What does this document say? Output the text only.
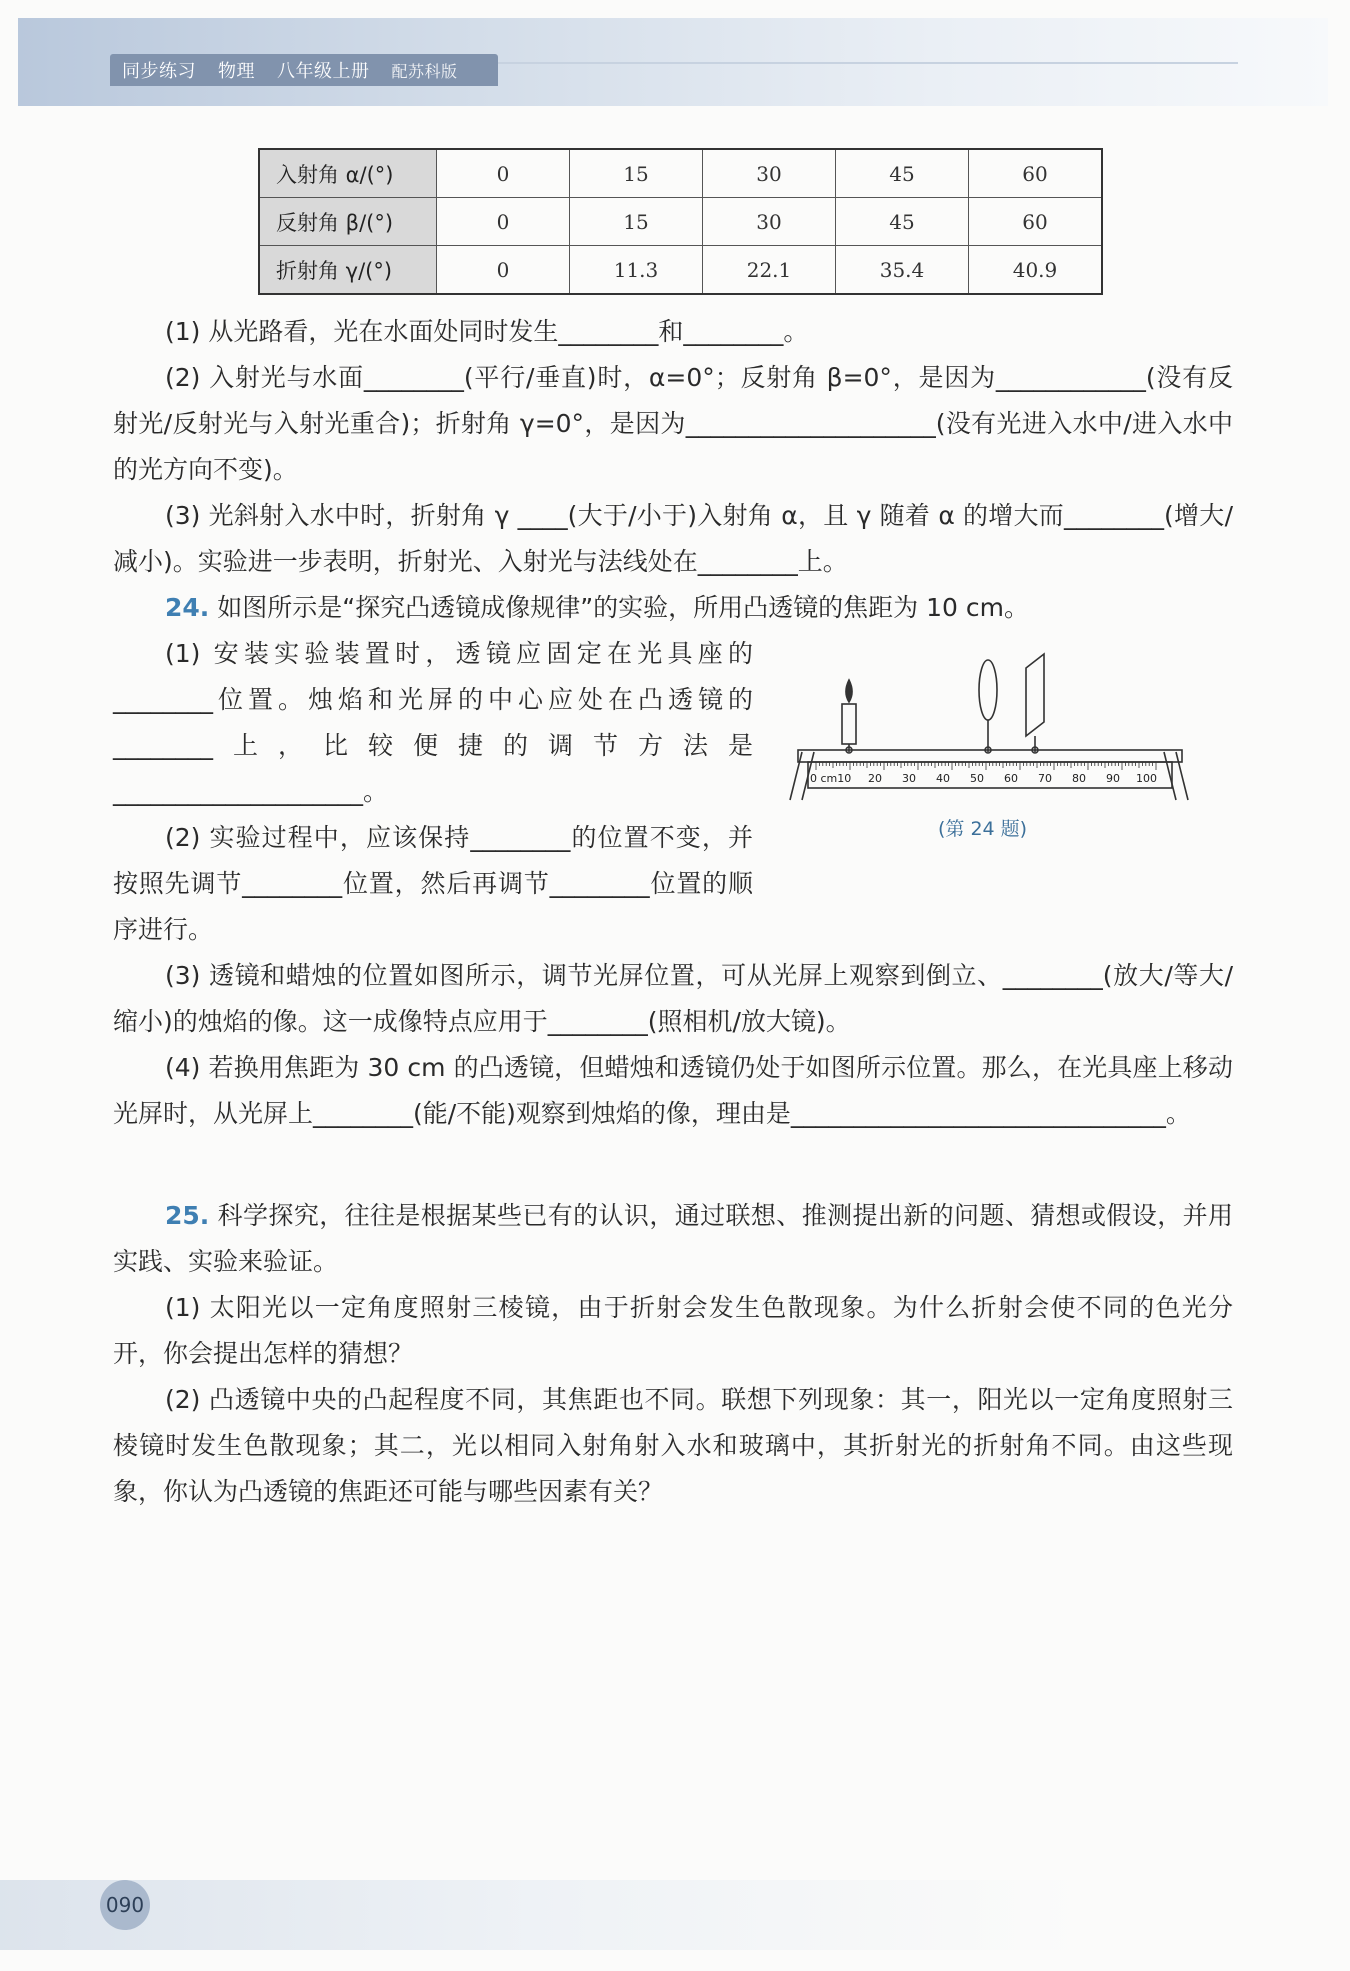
同步练习 物理 八年级上册 配苏科版
入射角 α/(°)	0	15	30	45	60
反射角 β/(°)	0	15	30	45	60
折射角 γ/(°)	0	11.3	22.1	35.4	40.9

(1) 从光路看，光在水面处同时发生________和________。

(2) 入射光与水面________(平行/垂直)时，α=0°；反射角 β=0°，是因为____________(没有反射光/反射光与入射光重合)；折射角 γ=0°，是因为____________________(没有光进入水中/进入水中的光方向不变)。

(3) 光斜射入水中时，折射角 γ ____(大于/小于)入射角 α，且 γ 随着 α 的增大而________(增大/减小)。实验进一步表明，折射光、入射光与法线处在________上。

24. 如图所示是“探究凸透镜成像规律”的实验，所用凸透镜的焦距为 10 cm。

(1) 安装实验装置时，透镜应固定在光具座的________位置。烛焰和光屏的中心应处在凸透镜的________上，比较便捷的调节方法是____________________。

(2) 实验过程中，应该保持________的位置不变，并按照先调节________位置，然后再调节________位置的顺序进行。

0 cm10 20 30 40 50 60 70 80 90 100
(第 24 题)

(3) 透镜和蜡烛的位置如图所示，调节光屏位置，可从光屏上观察到倒立、________(放大/等大/缩小)的烛焰的像。这一成像特点应用于________(照相机/放大镜)。

(4) 若换用焦距为 30 cm 的凸透镜，但蜡烛和透镜仍处于如图所示位置。那么，在光具座上移动光屏时，从光屏上________(能/不能)观察到烛焰的像，理由是______________________________。

25. 科学探究，往往是根据某些已有的认识，通过联想、推测提出新的问题、猜想或假设，并用实践、实验来验证。

(1) 太阳光以一定角度照射三棱镜，由于折射会发生色散现象。为什么折射会使不同的色光分开，你会提出怎样的猜想？

(2) 凸透镜中央的凸起程度不同，其焦距也不同。联想下列现象：其一，阳光以一定角度照射三棱镜时发生色散现象；其二，光以相同入射角射入水和玻璃中，其折射光的折射角不同。由这些现象，你认为凸透镜的焦距还可能与哪些因素有关？

090
